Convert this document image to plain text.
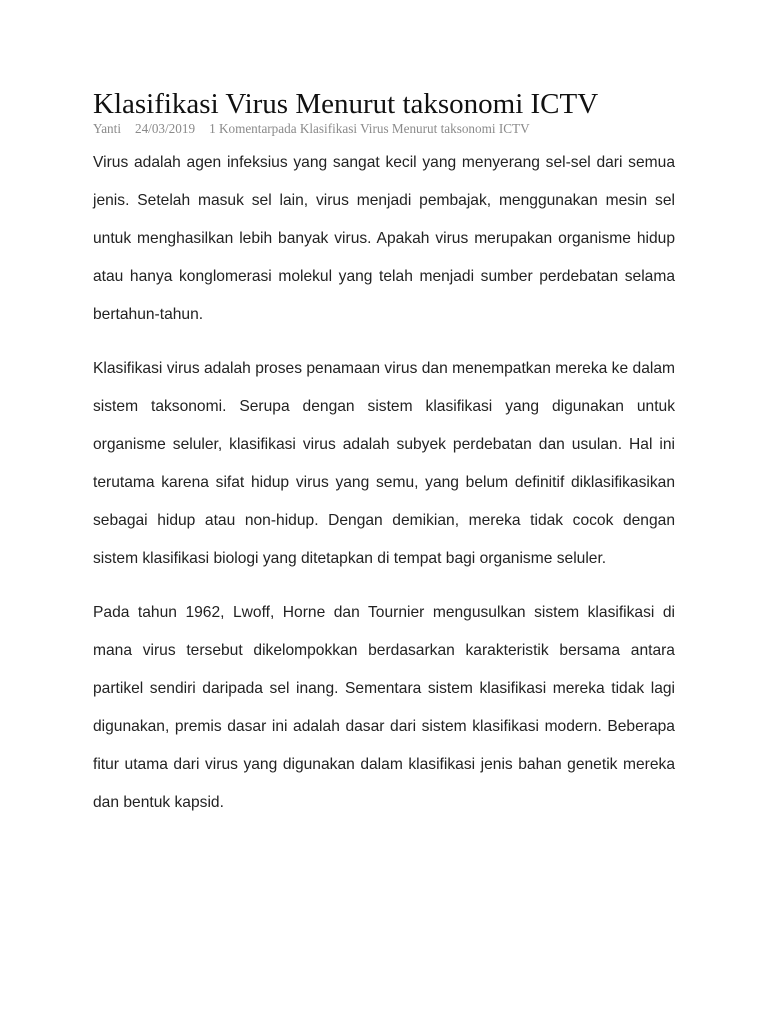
Klasifikasi Virus Menurut taksonomi ICTV
Yanti 24/03/2019 1 Komentarpada Klasifikasi Virus Menurut taksonomi ICTV

Virus adalah agen infeksius yang sangat kecil yang menyerang sel-sel dari semua jenis. Setelah masuk sel lain, virus menjadi pembajak, menggunakan mesin sel untuk menghasilkan lebih banyak virus. Apakah virus merupakan organisme hidup atau hanya konglomerasi molekul yang telah menjadi sumber perdebatan selama bertahun-tahun.

Klasifikasi virus adalah proses penamaan virus dan menempatkan mereka ke dalam sistem taksonomi. Serupa dengan sistem klasifikasi yang digunakan untuk organisme seluler, klasifikasi virus adalah subyek perdebatan dan usulan. Hal ini terutama karena sifat hidup virus yang semu, yang belum definitif diklasifikasikan sebagai hidup atau non-hidup. Dengan demikian, mereka tidak cocok dengan sistem klasifikasi biologi yang ditetapkan di tempat bagi organisme seluler.

Pada tahun 1962, Lwoff, Horne dan Tournier mengusulkan sistem klasifikasi di mana virus tersebut dikelompokkan berdasarkan karakteristik bersama antara partikel sendiri daripada sel inang. Sementara sistem klasifikasi mereka tidak lagi digunakan, premis dasar ini adalah dasar dari sistem klasifikasi modern. Beberapa fitur utama dari virus yang digunakan dalam klasifikasi jenis bahan genetik mereka dan bentuk kapsid.
